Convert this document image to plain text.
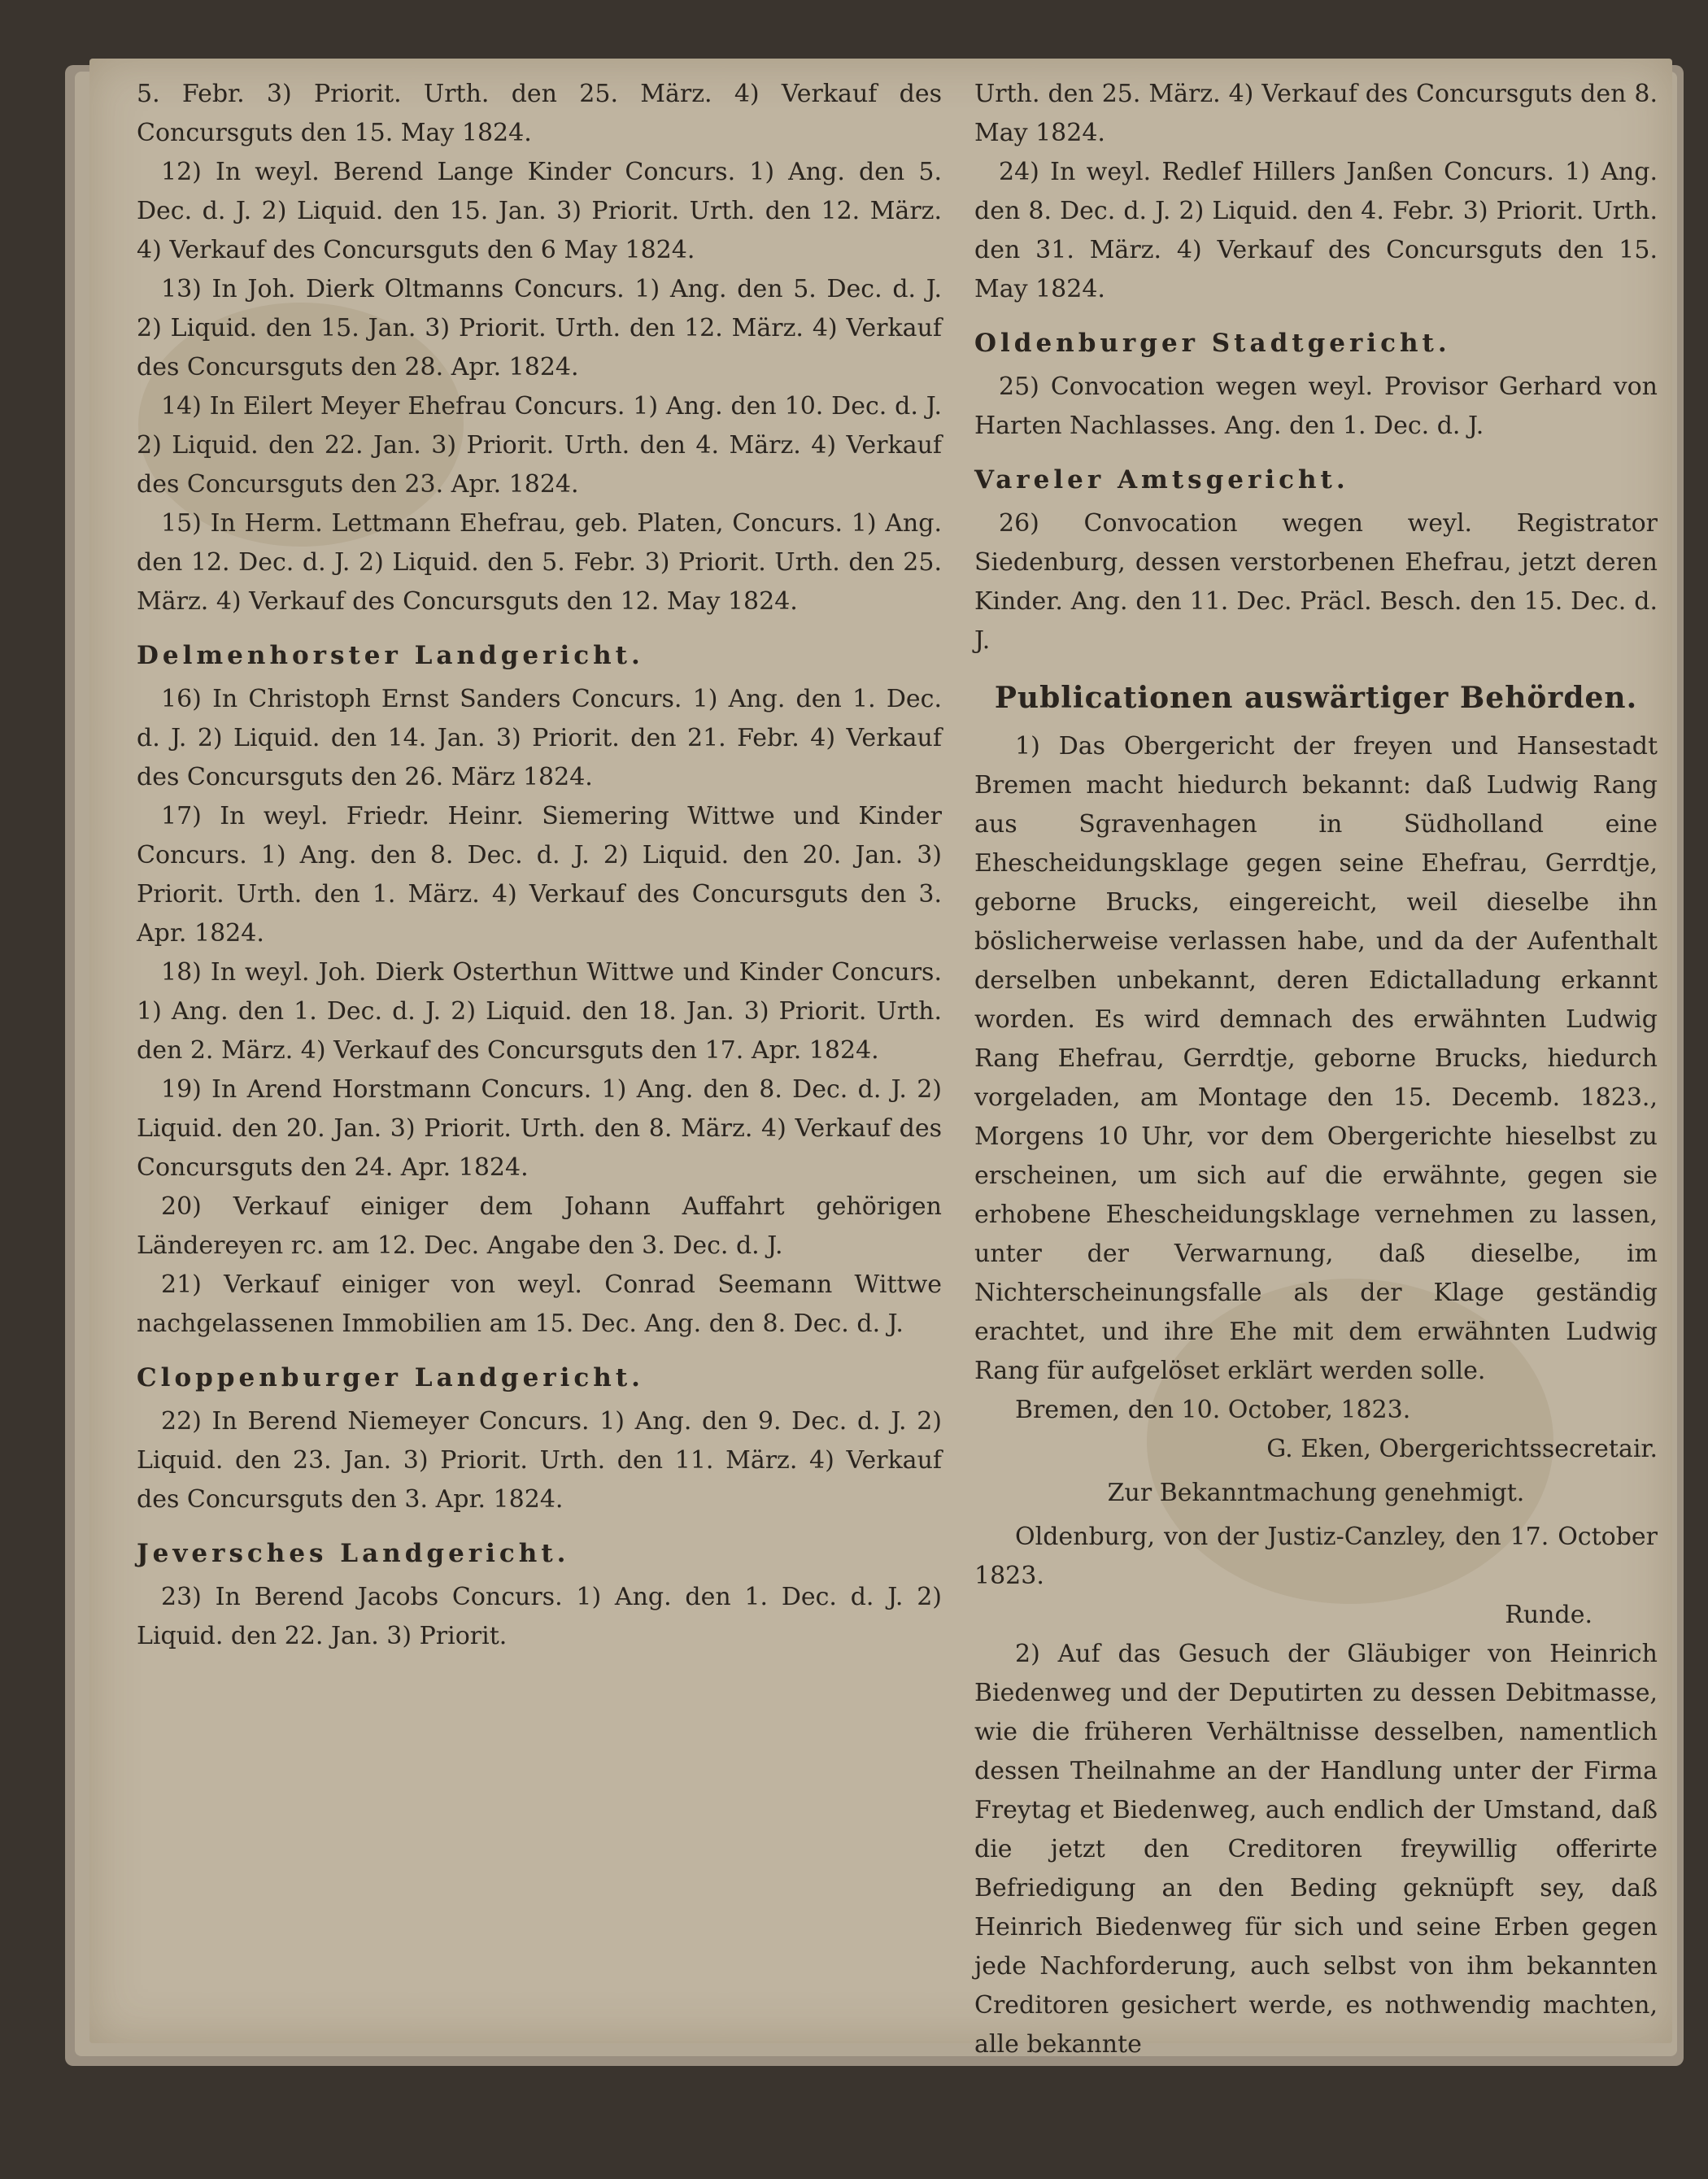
5. Febr. 3) Priorit. Urth. den 25. März. 4) Verkauf des Concursguts den 15. May 1824.

12) In weyl. Berend Lange Kinder Concurs. 1) Ang. den 5. Dec. d. J. 2) Liquid. den 15. Jan. 3) Priorit. Urth. den 12. März. 4) Verkauf des Concursguts den 6 May 1824.

13) In Joh. Dierk Oltmanns Concurs. 1) Ang. den 5. Dec. d. J. 2) Liquid. den 15. Jan. 3) Priorit. Urth. den 12. März. 4) Verkauf des Concursguts den 28. Apr. 1824.

14) In Eilert Meyer Ehefrau Concurs. 1) Ang. den 10. Dec. d. J. 2) Liquid. den 22. Jan. 3) Priorit. Urth. den 4. März. 4) Verkauf des Concursguts den 23. Apr. 1824.

15) In Herm. Lettmann Ehefrau, geb. Platen, Concurs. 1) Ang. den 12. Dec. d. J. 2) Liquid. den 5. Febr. 3) Priorit. Urth. den 25. März. 4) Verkauf des Concursguts den 12. May 1824.

Delmenhorster Landgericht.

16) In Christoph Ernst Sanders Concurs. 1) Ang. den 1. Dec. d. J. 2) Liquid. den 14. Jan. 3) Priorit. den 21. Febr. 4) Verkauf des Concursguts den 26. März 1824.

17) In weyl. Friedr. Heinr. Siemering Wittwe und Kinder Concurs. 1) Ang. den 8. Dec. d. J. 2) Liquid. den 20. Jan. 3) Priorit. Urth. den 1. März. 4) Verkauf des Concursguts den 3. Apr. 1824.

18) In weyl. Joh. Dierk Osterthun Wittwe und Kinder Concurs. 1) Ang. den 1. Dec. d. J. 2) Liquid. den 18. Jan. 3) Priorit. Urth. den 2. März. 4) Verkauf des Concursguts den 17. Apr. 1824.

19) In Arend Horstmann Concurs. 1) Ang. den 8. Dec. d. J. 2) Liquid. den 20. Jan. 3) Priorit. Urth. den 8. März. 4) Verkauf des Concursguts den 24. Apr. 1824.

20) Verkauf einiger dem Johann Auffahrt gehörigen Ländereyen rc. am 12. Dec. Angabe den 3. Dec. d. J.

21) Verkauf einiger von weyl. Conrad Seemann Wittwe nachgelassenen Immobilien am 15. Dec. Ang. den 8. Dec. d. J.

Cloppenburger Landgericht.

22) In Berend Niemeyer Concurs. 1) Ang. den 9. Dec. d. J. 2) Liquid. den 23. Jan. 3) Priorit. Urth. den 11. März. 4) Verkauf des Concursguts den 3. Apr. 1824.

Jeversches Landgericht.

23) In Berend Jacobs Concurs. 1) Ang. den 1. Dec. d. J. 2) Liquid. den 22. Jan. 3) Priorit.

Urth. den 25. März. 4) Verkauf des Concursguts den 8. May 1824.

24) In weyl. Redlef Hillers Janßen Concurs. 1) Ang. den 8. Dec. d. J. 2) Liquid. den 4. Febr. 3) Priorit. Urth. den 31. März. 4) Verkauf des Concursguts den 15. May 1824.

Oldenburger Stadtgericht.

25) Convocation wegen weyl. Provisor Gerhard von Harten Nachlasses. Ang. den 1. Dec. d. J.

Vareler Amtsgericht.

26) Convocation wegen weyl. Registrator Siedenburg, dessen verstorbenen Ehefrau, jetzt deren Kinder. Ang. den 11. Dec. Präcl. Besch. den 15. Dec. d. J.

Publicationen auswärtiger Behörden.

1) Das Obergericht der freyen und Hansestadt Bremen macht hiedurch bekannt: daß Ludwig Rang aus Sgravenhagen in Südholland eine Ehescheidungsklage gegen seine Ehefrau, Gerrdtje, geborne Brucks, eingereicht, weil dieselbe ihn böslicherweise verlassen habe, und da der Aufenthalt derselben unbekannt, deren Edictalladung erkannt worden. Es wird demnach des erwähnten Ludwig Rang Ehefrau, Gerrdtje, geborne Brucks, hiedurch vorgeladen, am Montage den 15. Decemb. 1823., Morgens 10 Uhr, vor dem Obergerichte hieselbst zu erscheinen, um sich auf die erwähnte, gegen sie erhobene Ehescheidungsklage vernehmen zu lassen, unter der Verwarnung, daß dieselbe, im Nichterscheinungsfalle als der Klage geständig erachtet, und ihre Ehe mit dem erwähnten Ludwig Rang für aufgelöset erklärt werden solle.

Bremen, den 10. October, 1823.

G. Eken, Obergerichtssecretair.

Zur Bekanntmachung genehmigt.

Oldenburg, von der Justiz-Canzley, den 17. October 1823.

Runde.

2) Auf das Gesuch der Gläubiger von Heinrich Biedenweg und der Deputirten zu dessen Debitmasse, wie die früheren Verhältnisse desselben, namentlich dessen Theilnahme an der Handlung unter der Firma Freytag et Biedenweg, auch endlich der Umstand, daß die jetzt den Creditoren freywillig offerirte Befriedigung an den Beding geknüpft sey, daß Heinrich Biedenweg für sich und seine Erben gegen jede Nachforderung, auch selbst von ihm bekannten Creditoren gesichert werde, es nothwendig machten, alle bekannte
